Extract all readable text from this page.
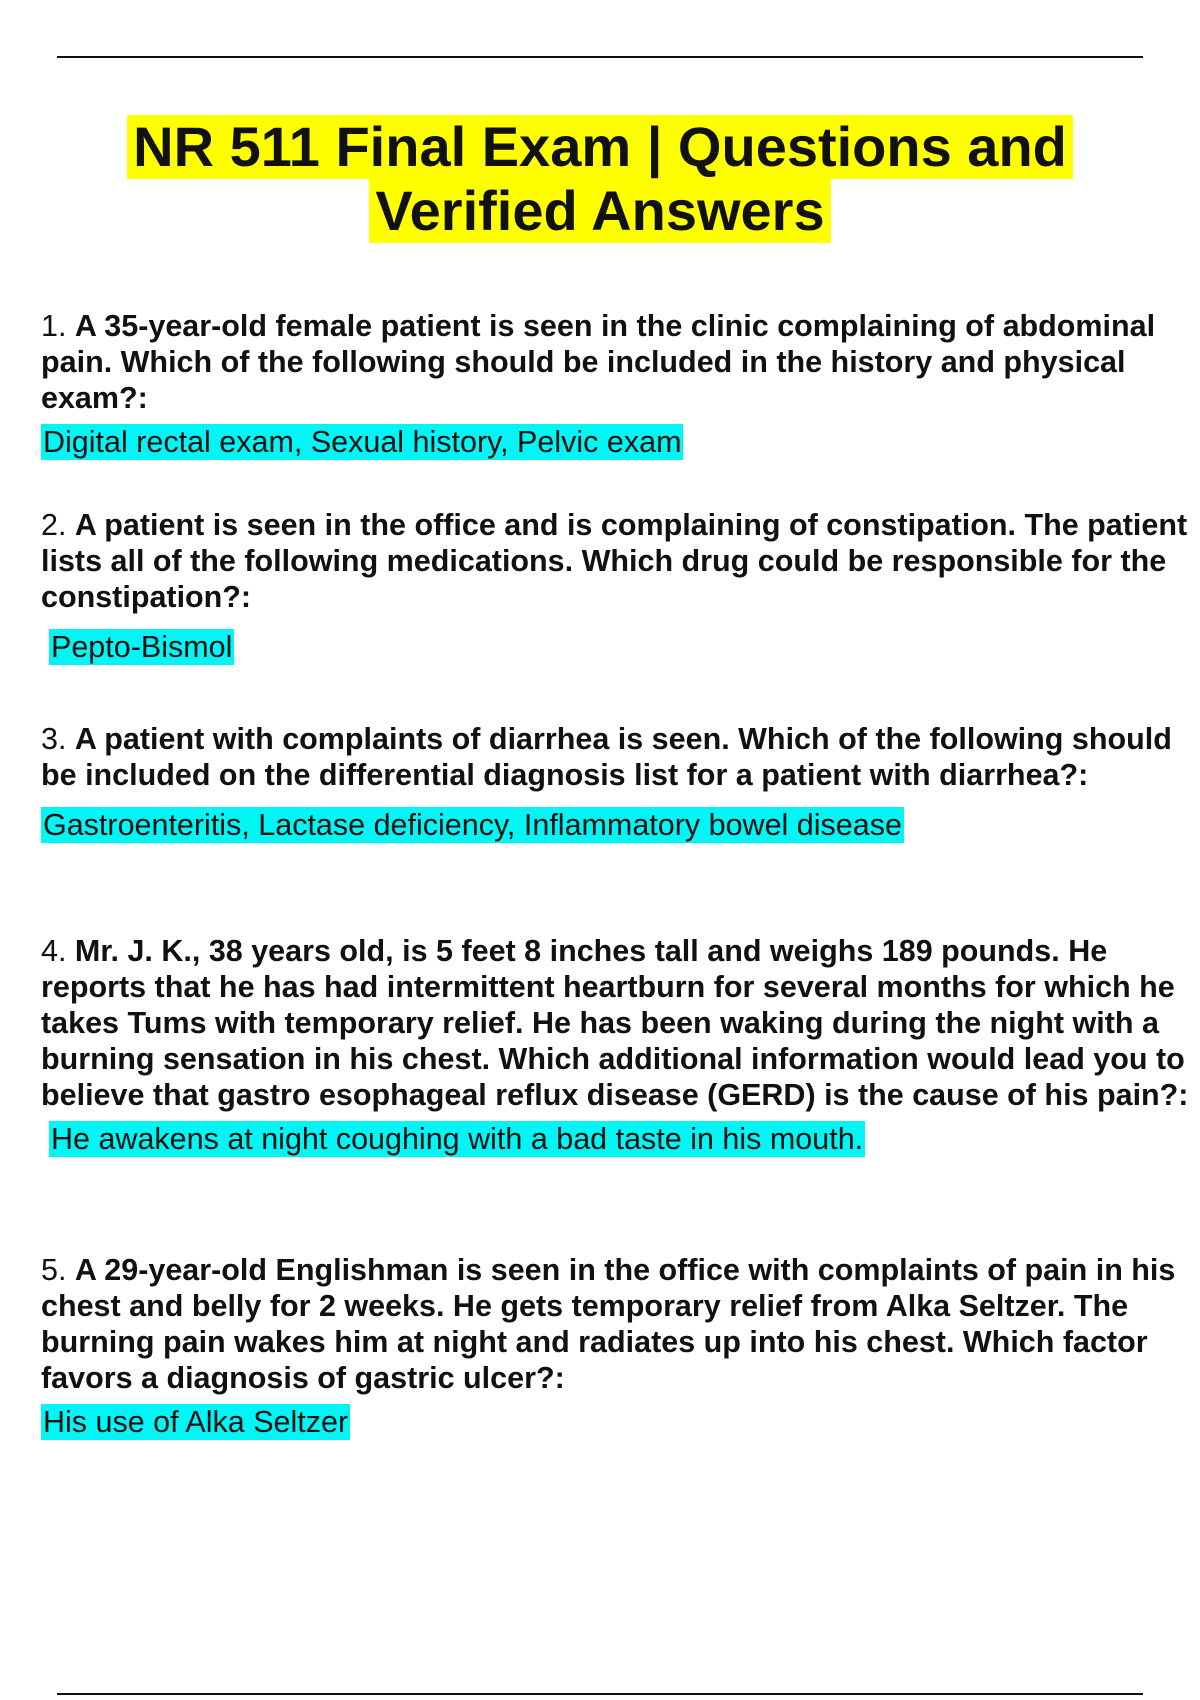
NR 511 Final Exam | Questions and
Verified Answers

1. A 35-year-old female patient is seen in the clinic complaining of abdominal pain. Which of the following should be included in the history and physical exam?:

Digital rectal exam, Sexual history, Pelvic exam

2. A patient is seen in the office and is complaining of constipation. The patient lists all of the following medications. Which drug could be responsible for the constipation?:

Pepto-Bismol

3. A patient with complaints of diarrhea is seen. Which of the following should be included on the differential diagnosis list for a patient with diarrhea?:

Gastroenteritis, Lactase deficiency, Inflammatory bowel disease

4. Mr. J. K., 38 years old, is 5 feet 8 inches tall and weighs 189 pounds. He reports that he has had intermittent heartburn for several months for which he takes Tums with temporary relief. He has been waking during the night with a burning sensation in his chest. Which additional information would lead you to believe that gastro esophageal reflux disease (GERD) is the cause of his pain?:

He awakens at night coughing with a bad taste in his mouth.

5. A 29-year-old Englishman is seen in the office with complaints of pain in his chest and belly for 2 weeks. He gets temporary relief from Alka Seltzer. The burning pain wakes him at night and radiates up into his chest. Which factor favors a diagnosis of gastric ulcer?:

His use of Alka Seltzer
